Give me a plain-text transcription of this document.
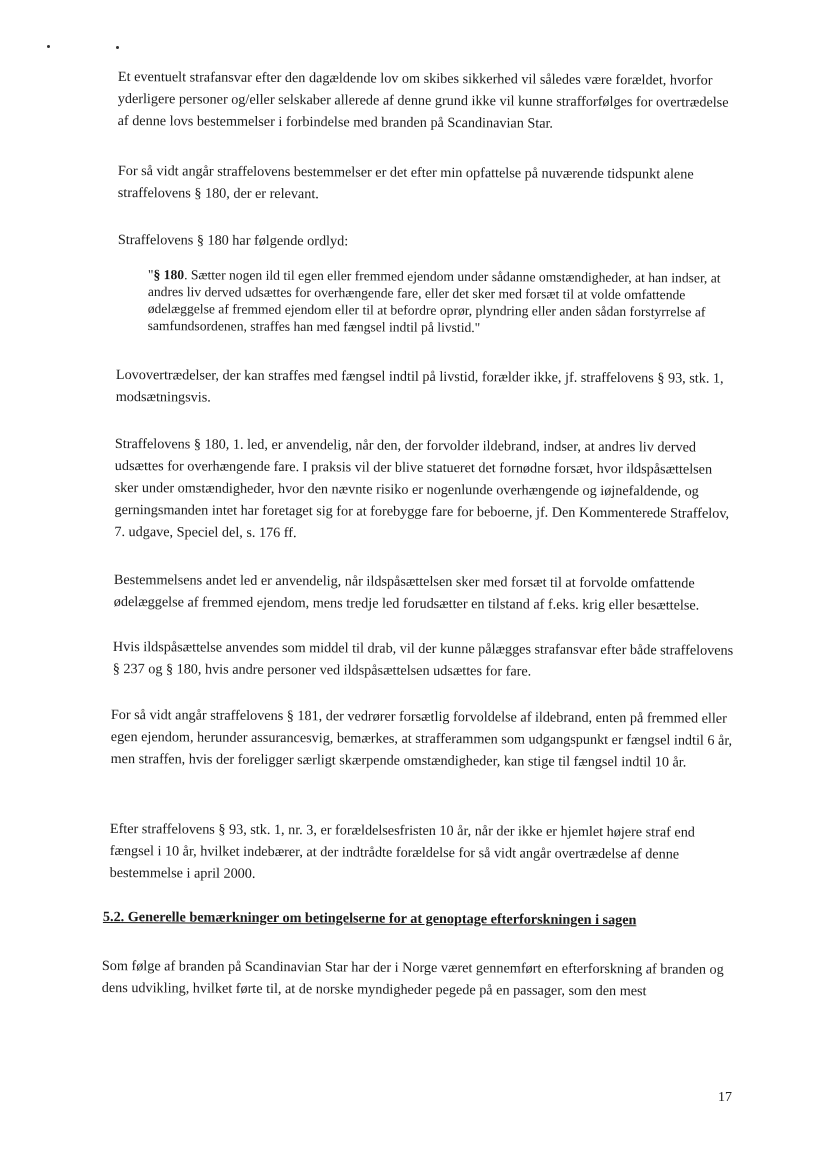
Et eventuelt strafansvar efter den dagældende lov om skibes sikkerhed vil således være forældet, hvorfor yderligere personer og/eller selskaber allerede af denne grund ikke vil kunne strafforfølges for overtrædelse af denne lovs bestemmelser i forbindelse med branden på Scandinavian Star.

For så vidt angår straffelovens bestemmelser er det efter min opfattelse på nuværende tidspunkt alene straffelovens § 180, der er relevant.

Straffelovens § 180 har følgende ordlyd:

"§ 180. Sætter nogen ild til egen eller fremmed ejendom under sådanne omstændigheder, at han indser, at andres liv derved udsættes for overhængende fare, eller det sker med forsæt til at volde omfattende ødelæggelse af fremmed ejendom eller til at befordre oprør, plyndring eller anden sådan forstyrrelse af samfundsordenen, straffes han med fængsel indtil på livstid."

Lovovertrædelser, der kan straffes med fængsel indtil på livstid, forælder ikke, jf. straffelovens § 93, stk. 1, modsætningsvis.

Straffelovens § 180, 1. led, er anvendelig, når den, der forvolder ildebrand, indser, at andres liv derved udsættes for overhængende fare. I praksis vil der blive statueret det fornødne forsæt, hvor ildspåsættelsen sker under omstændigheder, hvor den nævnte risiko er nogenlunde overhængende og iøjnefaldende, og gerningsmanden intet har foretaget sig for at forebygge fare for beboerne, jf. Den Kommenterede Straffelov, 7. udgave, Speciel del, s. 176 ff.

Bestemmelsens andet led er anvendelig, når ildspåsættelsen sker med forsæt til at forvolde omfattende ødelæggelse af fremmed ejendom, mens tredje led forudsætter en tilstand af f.eks. krig eller besættelse.

Hvis ildspåsættelse anvendes som middel til drab, vil der kunne pålægges strafansvar efter både straffelovens § 237 og § 180, hvis andre personer ved ildspåsættelsen udsættes for fare.

For så vidt angår straffelovens § 181, der vedrører forsætlig forvoldelse af ildebrand, enten på fremmed eller egen ejendom, herunder assurancesvig, bemærkes, at strafferammen som udgangspunkt er fængsel indtil 6 år, men straffen, hvis der foreligger særligt skærpende omstændigheder, kan stige til fængsel indtil 10 år.

Efter straffelovens § 93, stk. 1, nr. 3, er forældelsesfristen 10 år, når der ikke er hjemlet højere straf end fængsel i 10 år, hvilket indebærer, at der indtrådte forældelse for så vidt angår overtrædelse af denne bestemmelse i april 2000.

5.2. Generelle bemærkninger om betingelserne for at genoptage efterforskningen i sagen

Som følge af branden på Scandinavian Star har der i Norge været gennemført en efterforskning af branden og dens udvikling, hvilket førte til, at de norske myndigheder pegede på en passager, som den mest

17
